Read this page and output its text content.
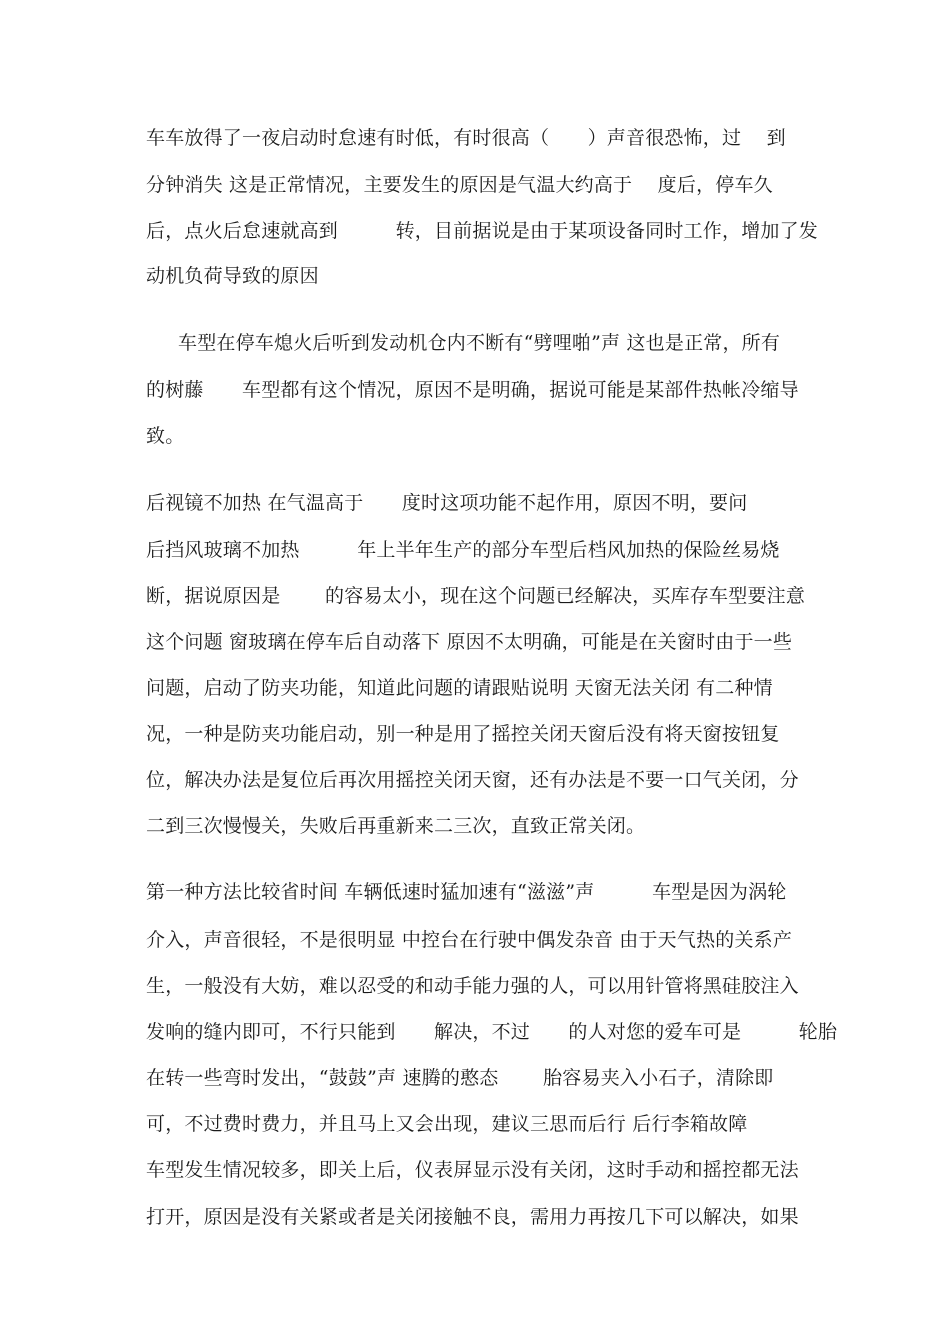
车车放得了一夜启动时怠速有时低，有时很高（　　）声音很恐怖，过　 到
分钟消失 这是正常情况，主要发生的原因是气温大约高于　 度后，停车久
后，点火后怠速就高到　　　转，目前据说是由于某项设备同时工作，增加了发
动机负荷导致的原因
车型在停车熄火后听到发动机仓内不断有“劈哩啪”声 这也是正常，所有
的树藤　　车型都有这个情况，原因不是明确，据说可能是某部件热帐冷缩导
致。
后视镜不加热 在气温高于　　度时这项功能不起作用，原因不明，要问
后挡风玻璃不加热　　　年上半年生产的部分车型后档风加热的保险丝易烧
断，据说原因是　　 的容易太小，现在这个问题已经解决，买库存车型要注意
这个问题 窗玻璃在停车后自动落下 原因不太明确，可能是在关窗时由于一些
问题，启动了防夹功能，知道此问题的请跟贴说明 天窗无法关闭 有二种情
况，一种是防夹功能启动，别一种是用了摇控关闭天窗后没有将天窗按钮复
位，解决办法是复位后再次用摇控关闭天窗，还有办法是不要一口气关闭，分
二到三次慢慢关，失败后再重新来二三次，直致正常关闭。
第一种方法比较省时间 车辆低速时猛加速有“滋滋”声　　　车型是因为涡轮
介入，声音很轻，不是很明显 中控台在行驶中偶发杂音 由于天气热的关系产
生，一般没有大妨，难以忍受的和动手能力强的人，可以用针管将黑硅胶注入
发响的缝内即可，不行只能到　　解决，不过　　的人对您的爱车可是　　　轮胎
在转一些弯时发出，“鼓鼓”声 速腾的憨态　　 胎容易夹入小石子，清除即
可，不过费时费力，并且马上又会出现，建议三思而后行 后行李箱故障
车型发生情况较多，即关上后，仪表屏显示没有关闭，这时手动和摇控都无法
打开，原因是没有关紧或者是关闭接触不良，需用力再按几下可以解决，如果
